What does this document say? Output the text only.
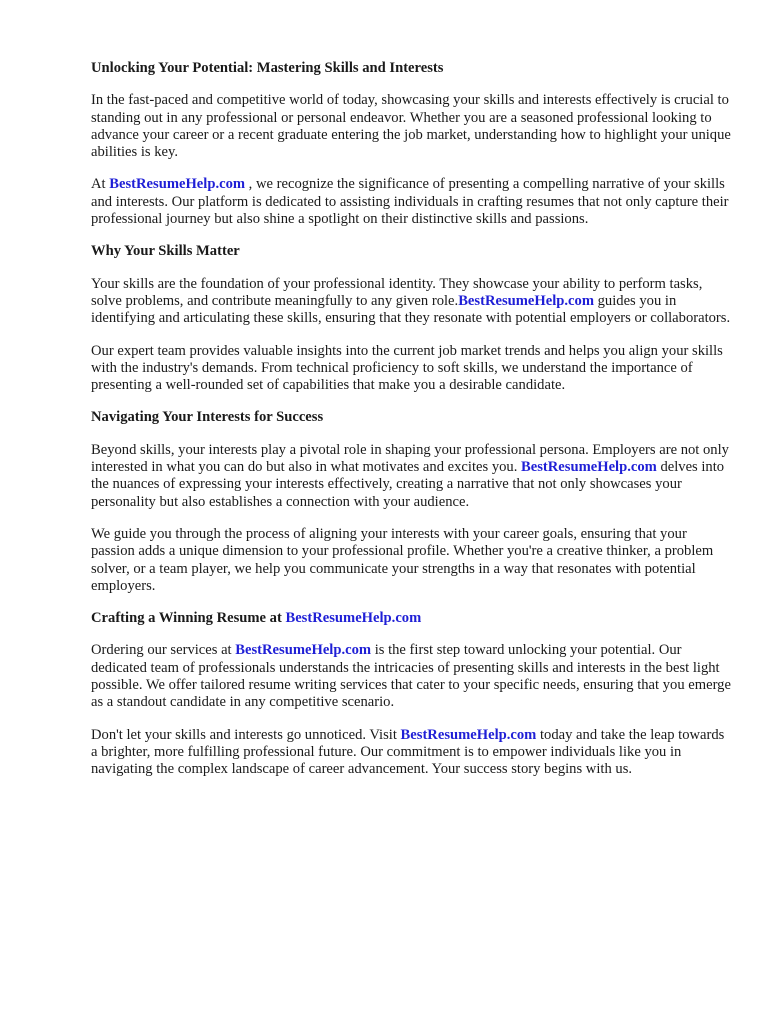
Unlocking Your Potential: Mastering Skills and Interests

In the fast-paced and competitive world of today, showcasing your skills and interests effectively is crucial to standing out in any professional or personal endeavor. Whether you are a seasoned professional looking to advance your career or a recent graduate entering the job market, understanding how to highlight your unique abilities is key.

At BestResumeHelp.com , we recognize the significance of presenting a compelling narrative of your skills and interests. Our platform is dedicated to assisting individuals in crafting resumes that not only capture their professional journey but also shine a spotlight on their distinctive skills and passions.

Why Your Skills Matter

Your skills are the foundation of your professional identity. They showcase your ability to perform tasks, solve problems, and contribute meaningfully to any given role.BestResumeHelp.com guides you in identifying and articulating these skills, ensuring that they resonate with potential employers or collaborators.

Our expert team provides valuable insights into the current job market trends and helps you align your skills with the industry's demands. From technical proficiency to soft skills, we understand the importance of presenting a well-rounded set of capabilities that make you a desirable candidate.

Navigating Your Interests for Success

Beyond skills, your interests play a pivotal role in shaping your professional persona. Employers are not only interested in what you can do but also in what motivates and excites you. BestResumeHelp.com delves into the nuances of expressing your interests effectively, creating a narrative that not only showcases your personality but also establishes a connection with your audience.

We guide you through the process of aligning your interests with your career goals, ensuring that your passion adds a unique dimension to your professional profile. Whether you're a creative thinker, a problem solver, or a team player, we help you communicate your strengths in a way that resonates with potential employers.

Crafting a Winning Resume at BestResumeHelp.com

Ordering our services at BestResumeHelp.com is the first step toward unlocking your potential. Our dedicated team of professionals understands the intricacies of presenting skills and interests in the best light possible. We offer tailored resume writing services that cater to your specific needs, ensuring that you emerge as a standout candidate in any competitive scenario.

Don't let your skills and interests go unnoticed. Visit BestResumeHelp.com today and take the leap towards a brighter, more fulfilling professional future. Our commitment is to empower individuals like you in navigating the complex landscape of career advancement. Your success story begins with us.
